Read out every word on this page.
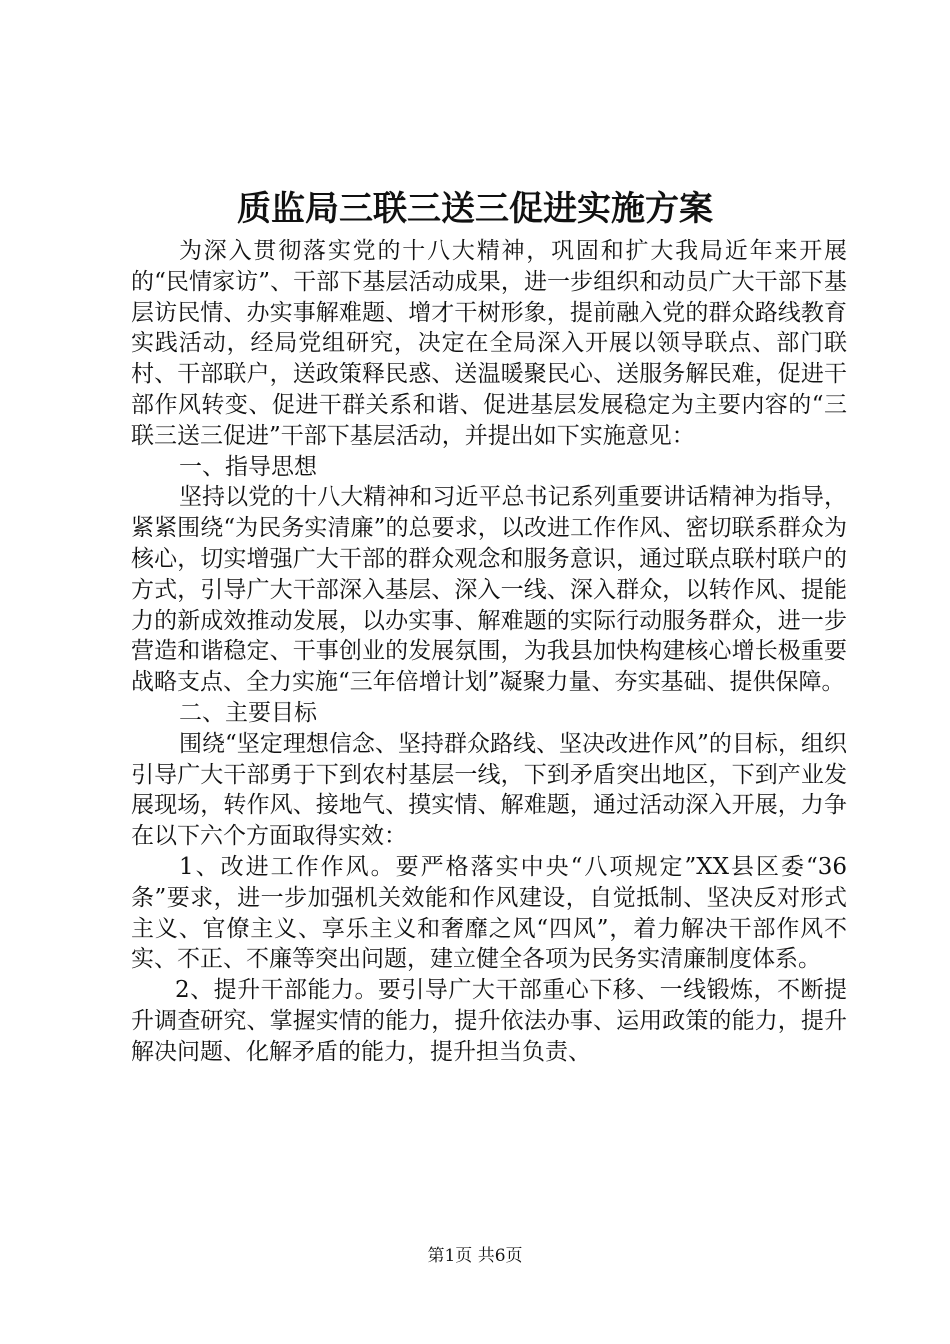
质监局三联三送三促进实施方案

为深入贯彻落实党的十八大精神，巩固和扩大我局近年来开展的“民情家访”、干部下基层活动成果，进一步组织和动员广大干部下基层访民情、办实事解难题、增才干树形象，提前融入党的群众路线教育实践活动，经局党组研究，决定在全局深入开展以领导联点、部门联村、干部联户，送政策释民惑、送温暖聚民心、送服务解民难，促进干部作风转变、促进干群关系和谐、促进基层发展稳定为主要内容的“三联三送三促进”干部下基层活动，并提出如下实施意见：

一、指导思想

坚持以党的十八大精神和习近平总书记系列重要讲话精神为指导，紧紧围绕“为民务实清廉”的总要求，以改进工作作风、密切联系群众为核心，切实增强广大干部的群众观念和服务意识，通过联点联村联户的方式，引导广大干部深入基层、深入一线、深入群众，以转作风、提能力的新成效推动发展，以办实事、解难题的实际行动服务群众，进一步营造和谐稳定、干事创业的发展氛围，为我县加快构建核心增长极重要战略支点、全力实施“三年倍增计划”凝聚力量、夯实基础、提供保障。

二、主要目标

围绕“坚定理想信念、坚持群众路线、坚决改进作风”的目标，组织引导广大干部勇于下到农村基层一线，下到矛盾突出地区，下到产业发展现场，转作风、接地气、摸实情、解难题，通过活动深入开展，力争在以下六个方面取得实效：

1、改进工作作风。要严格落实中央“八项规定”XX县区委“36条”要求，进一步加强机关效能和作风建设，自觉抵制、坚决反对形式主义、官僚主义、享乐主义和奢靡之风“四风”，着力解决干部作风不实、不正、不廉等突出问题，建立健全各项为民务实清廉制度体系。

2、提升干部能力。要引导广大干部重心下移、一线锻炼，不断提升调查研究、掌握实情的能力，提升依法办事、运用政策的能力，提升解决问题、化解矛盾的能力，提升担当负责、

第1页 共6页
